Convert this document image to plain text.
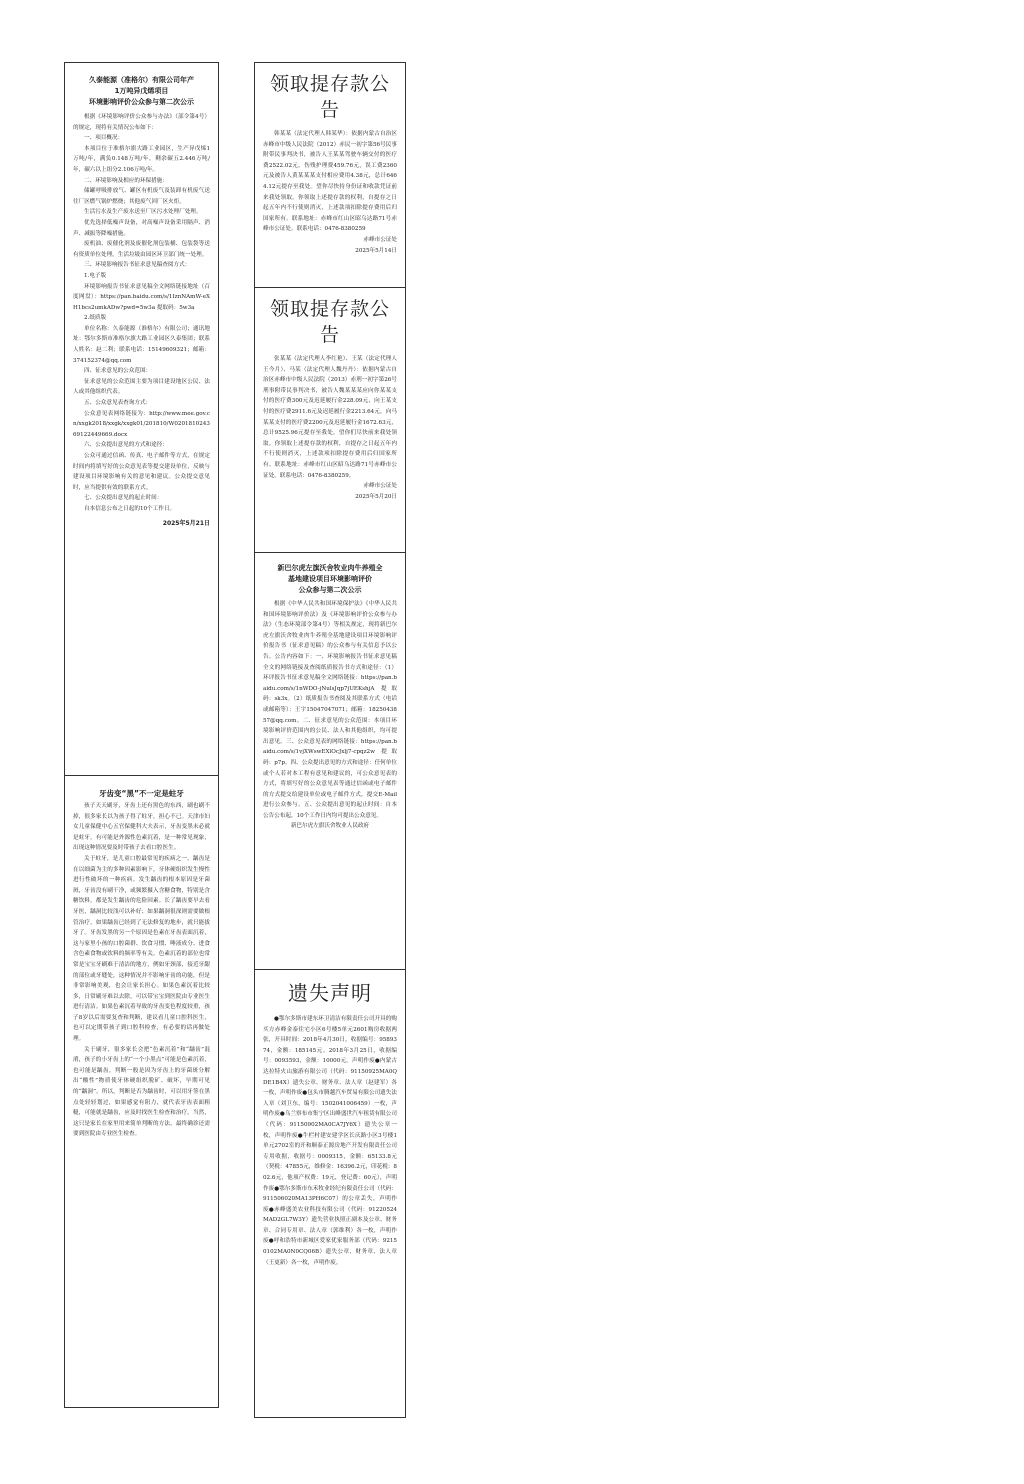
久泰能源（准格尔）有限公司年产

1万吨异戊烯项目

环境影响评价公众参与第二次公示

根据《环境影响评价公众参与办法》（部令第4号）的规定，现将有关情况公布如下：

一、项目概况：

本项目位于准格尔旗大路工业园区，生产异戊烯1万吨/年，满负0.148万吨/年，剩余碳五2.446万吨/年，碳六以上组分2.106万吨/年。

二、环境影响及相应的环保措施：

储罐呼吸排放气、罐区有机废气及装卸有机废气送往厂区燃气锅炉燃烧；其他废气回厂区火炬。

生活污水及生产废水送至厂区污水处理厂处理。

优先选择低噪声设备，对高噪声设备采用隔声、消声、减振等降噪措施。

废机油、废催化剂及废催化剂包装桶、包装袋等送有资质单位处理，生活垃圾由园区环卫部门统一处理。

三、环境影响报告书征求意见稿查阅方式：

1.电子版

环境影响报告书征求意见稿全文网络链接地址（百度网盘）：https://pan.baidu.com/s/1IznNAmW-eXH1bcs2umkADw?pwd=5w3a 提取码：5w3a

2.纸质版

单位名称：久泰能源（准格尔）有限公司；通讯地址：鄂尔多斯市准格尔旗大路工业园区久泰集团；联系人姓名：赵二利；联系电话：15149609321；邮箱：374152374@qq.com

四、征求意见的公众范围：

征求意见的公众范围主要为项目建设地区公民、法人或其他组织代表。

五、公众意见表查询方式：

公众意见表网络链接为：http://www.mee.gov.cn/xxgk2018/xxgk/xxgk01/201810/W020181024369122449669.docx

六、公众提出意见的方式和途径：

公众可通过信函、传真、电子邮件等方式，在规定时间内将填写好的公众意见表等提交建设单位，反映与建设项目环境影响有关的意见和建议。公众提交意见时，应当提供有效的联系方式。

七、公众提出意见的起止时间：

自本信息公布之日起的10个工作日。

2025年5月21日

牙齿变“黑”不一定是蛀牙

孩子天天刷牙，牙齿上还有黑色的东西，刷也刷不掉，很多家长以为孩子得了蛀牙，担心不已。天津市妇女儿童保健中心五官保健科大夫表示，牙齿变黑未必就是蛀牙，有可能是外源性色素沉着，是一种常见现象，出现这种情况要及时带孩子去看口腔医生。

关于蛀牙，是儿童口腔最常见的疾病之一。龋齿是在以细菌为主的多种因素影响下，牙体硬组织发生慢性进行性破坏的一种疾病。发生龋齿的根本原因是牙菌斑，牙齿没有刷干净，或频繁摄入含糖食物，特别是含糖饮料，都是发生龋齿的危险因素。长了龋齿要早去看牙医，龋洞比较浅可以补好；如果龋洞很深则需要做根管治疗，如果龋齿已经到了无法修复的地步，就只能拔牙了。牙齿发黑的另一个原因是色素在牙齿表面沉着，这与家里小孩的口腔菌群、饮食习惯、唾液成分、进食含色素食物或饮料的频率等有关。色素沉着的部位也常常是宝宝牙刷难于清洁的地方，例如牙颈部，接近牙龈的部位或牙缝处，这种情况并不影响牙齿的功能，但是非常影响美观，也会让家长担心。如果色素沉着比较多，日常刷牙难以去除，可以带宝宝到医院由专业医生进行清洁。如果色素沉着导致的牙齿变色程度较重，孩子8岁以后需要复查和判断，建议看儿童口腔科医生，也可以定期带孩子到口腔科检查，有必要的话再做处理。

关于刷牙，很多家长会把“色素沉着”和“龋齿”混淆，孩子的小牙齿上的“一个小黑点”可能是色素沉着，也可能是龋齿。判断一般是因为牙齿上的牙菌斑分解出“酸性”物质使牙体硬组织脱矿、破坏，早期可见的“龋洞”。所以，判断是否为龋齿时，可以用牙签在黑点处轻轻划过，如果感觉有阻力，就代表牙齿表面粗糙，可能就是龋齿，应及时找医生检查和治疗。当然，这只是家长在家里用来简单判断的方法，最终确诊还需要到医院由专业医生检查。

领取提存款公告

韩某某（法定代理人韩某华）：依据内蒙古自治区赤峰市中级人民法院（2012）赤民一初字第56号民事附带民事判决书，被告人王某某驾驶车辆交付的医疗费2522.02元，伤残护理费459.76元，误工费2360元及被告人黄某某某支付相应费用4.38元，总计6464.12元提存至我处。望你尽快持身份证和收款凭证前来我处领取。你领取上述提存款的权利，自提存之日起五年内不行使则消灭，上述款项扣除提存费用后归国家所有。联系地址：赤峰市红山区昭乌达路71号赤峰市公证处。联系电话：0476-8380259

赤峰市公证处

2025年5月14日

领取提存款公告

张某某（法定代理人李红艳）、王某（法定代理人王今月）、马某（法定代理人魏丹丹）：依据内蒙古自治区赤峰市中级人民法院（2013）赤刑一初字第26号刑事附带民事判决书，被告人魏某某某应向你某某支付的医疗费300元及迟延履行金228.09元，向王某支付的医疗费2911.6元及迟延履行金2213.64元，向马某某支付的医疗费2200元及迟延履行金1672.63元，总计9525.96元提存至我处，望你们尽快前来我处领取。你领取上述提存款的权利，自提存之日起五年内不行使则消灭，上述款项扣除提存费用后归国家所有。联系地址：赤峰市红山区昭乌达路71号赤峰市公证处。联系电话：0476-8380259。

赤峰市公证处

2025年5月20日

新巴尔虎左旗沃舍牧业肉牛养殖全

基地建设项目环境影响评价

公众参与第二次公示

根据《中华人民共和国环境保护法》《中华人民共和国环境影响评价法》及《环境影响评价公众参与办法》（生态环境部令第4号）等相关规定，现将新巴尔虎左旗沃舍牧业肉牛养殖全基地建设项目环境影响评价报告书（征求意见稿）的公众参与有关信息予以公告。公告内容如下：一、环境影响报告书征求意见稿全文的网络链接及查阅纸质报告书方式和途径：（1）环评报告书征求意见稿全文网络链接：https://pan.baidu.com/s/1nWDO-jNulsJqp7jUEKshjA 提取码：sk3x。（2）纸质报告书查阅及其联系方式（电话或邮箱等）：王宇15047047071；邮箱：1825043857@qq.com。二、征求意见的公众范围：本项目环境影响评价范围内的公民、法人和其他组织，均可提出意见。三、公众意见表的网络链接：https://pan.baidu.com/s/1vjXWswEXlOcJxlj7-cpqz2w 提取码：p7p。四、公众提出意见的方式和途径：任何单位或个人若对本工程有意见和建议的，可公众意见表的方式，将填写好的公众意见表等通过信函或电子邮件的方式提交给建设单位或电子邮件方式，提交E-Mail进行公众参与。五、公众提出意见的起止时间：自本公告公布起，10个工作日内均可提出公众意见。

新巴尔虎左旗沃舍牧业人民政府

遗失声明

●鄂尔多斯市建东环卫清洁有限责任公司开具的购买方赤峰金泰住宅小区6号楼5单元2601购房收据两张，开具时间：2018年4月30日，收据编号：9589374，金额：185145元。2018年3月25日，收据编号：0093593，金额：10000元，声明作废●内蒙古达拉特火山旅游有限公司（代码：91150925MA0QDE1B4X）遗失公章、财务章、法人章（赵建军）各一枚，声明作废●包头市腾越汽车贸易有限公司遗失法人章（刘卫东，编号：1502041006459）一枚，声明作废●乌兰察布市集宁区出峰盛世汽车租赁有限公司（代码：91150902MA0CA7JY6X）遗失公章一枚，声明作废●牛栏村建安建学区长庆路小区3号楼1单元2702室的开和顺泰正源房地产开发有限责任公司专用收据，收据号：0009315，金额：65133.8元（契税：47855元，维修金：16396.2元，印花税：802.6元，他项产权费：19元，登记费：60元），声明作废●鄂尔多斯市东禾牧业经纪有限责任公司（代码：911506020MA13PH6C07）的公章丢失，声明作废●赤峰盛美农业科技有限公司（代码：91220524MAD2GL7W3Y）遗失营业执照正副本及公章、财务章、合同专用章、法人章（郭维利）各一枚，声明作废●呼和浩特市新城区爱家优家服务部（代码：92150102MA0N0CQ06B）遗失公章、财务章、法人章（王更新）各一枚，声明作废。
